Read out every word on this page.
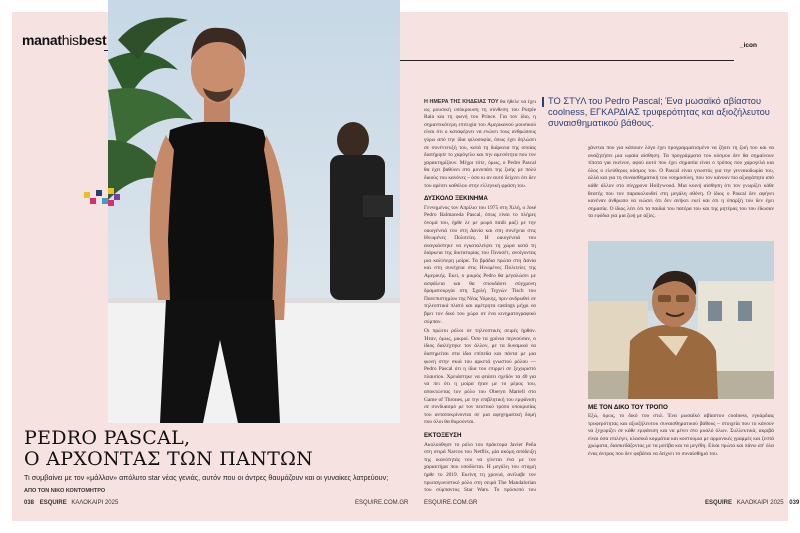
manathisbest
PEDRO PASCAL,
Ο ΑΡΧΟΝΤΑΣ ΤΩΝ ΠΑΝΤΩΝ
Τι συμβαίνει με τον «μάλλον» απόλυτο star νέας γενιάς, αυτόν που οι άντρες θαυμάζουν και οι γυναίκες λατρεύουν;
ΑΠΟ ΤΟΝ ΝΙΚΟ ΚΟΝΤΟΜΗΤΡΟ
038 ESQUIRE ΚΑΛΟΚΑΙΡΙ 2025	ESQUIRE.COM.GR
_icon

Η ΗΜΕΡΑ ΤΗΣ ΚΗΔΕΙΑΣ ΤΟΥ θα ήθελε να έχει ως μουσική υπόκρουση τη σύνθεση του Purple Rain και τη φωνή του Prince. Για τον ίδιο, η σημαντικότερη επιτυχία του Αμερικανού μουσικού είναι ότι ο καταφέρνει να ενώνει τους ανθρώπους γύρω από την ίδια φιλοσοφία, όπως έχει δηλώσει σε συνέντευξή του, κατά τη διάρκεια της οποίας διατήρησε το χαμόγελο και την αμεσότητα που τον χαρακτηρίζουν. Μέχρι τότε, όμως, ο Pedro Pascal θα έχει βαθύνει στο μονοπάτι της ζωής με πολύ δικούς του κανόνες – όσο κι αν αυτό δείχνει ότι δεν του αρέσει καθόλου στην ελληνική φράση του.

ΔΥΣΚΟΛΟ ΞΕΚΙΝΗΜΑ

Γεννημένος τον Απρίλιο του 1975 στη Χιλή, ο José Pedro Balmaceda Pascal, όπως είναι το πλήρες όνομά του, ήρθε λε με μωρό παιδί μαζί με την οικογένειά του στη Δανία και στη συνέχεια στις Ηνωμένες Πολιτείες. Η οικογένειά του αναγκάστηκε να εγκαταλείψει τη χώρα κατά τη διάρκεια της δικτατορίας του Πινοσέτ, ανοίγοντας μια καλύτερη μοίρα. Τα βράδια πρώτα στη Δανία και στη συνέχεια στις Ηνωμένες Πολιτείες της Αμερικής. Εκεί, ο μικρός Pedro θα μεγαλώσει με ασφάλεια και θα σπουδάσει σύγχρονη δραματουργία στη Σχολή Τεχνών Tisch του Πανεπιστημίου της Νέας Υόρκης, πριν ανδρωθεί σε τηλεοπτικά πλατό και αμέτρητα castings μέχρι να βρει τον δικό του χώρο σε ένα κινηματογραφικό σύμπαν.

Οι πρώτοι ρόλοι σε τηλεοπτικές σειρές ήρθαν. Ήταν, όμως, μικροί. Όσο τα χρόνια περνούσαν, ο ίδιος διαλέχτηκε τον άλλον, με τα δυναμικά να διατηρείται στα ίδια επίπεδα και πάντα με μια φωνή στην σκιά του αρκετά γνωστού ρόλου — Pedro Pascal ότι η ίδια του επιρρεί σε ξεχωριστό πλαισίου. Χρειάστηκε να φτάσει σχεδόν τα 40 για να πει ότι η μοίρα ήταν με το μέρος του, αποκτώντας τον ρόλο του Oberyn Martell στο Game of Thrones, με την επιβλητική του εμφάνιση σε συνδυασμό με τον πειστικό τρόπο υποκρισίας του ανταποκρίνονται σε μια αφηγηματική δομή που όλοι θα θυμούνται.

ΕΚΤΟΞΕΥΣΗ

Ακολούθησε το ρόλο του πράκτορα Javier Peña στη σειρά Narcos του Netflix, μία ακόμη απόδειξη της ικανότητάς του να γίνεται ένα με τον χαρακτήρα που υποδύεται. Η μεγάλη του στιγμή ήρθε το 2019. Εκείνη τη χρονιά, ανέλαβε τον πρωταγωνιστικό ρόλο στη σειρά The Mandalorian του σύμπαντος Star Wars. Το πρόσωπό του

ΤΟ ΣΤΥΛ του Pedro Pascal; Ένα μωσαϊκό αβίαστου coolness, ΕΓΚΑΡΔΙΑΣ τρυφερότητας και αξιοζήλευτου συναισθηματικού βάθους.

χάνεται που για κάποιον λόγο έχει προγραμματισμένο να ζήσει τη ζωή του και να αναζητήσει μια ωραία αίσθηση. Τα προγράμματα του κόσμου δεν θα σημαίνουν τίποτα για εκείνον, αφού αυτό που έχει σημασία είναι ο τρόπος που χαμογελά και όλος ο ελεύθερος κόσμος του. Ο Pascal είναι γνωστός για την γενναιοδωρία του, αλλά και για τη συναισθηματική του νοημοσύνη, που τον κάνουν πιο αξιαγάπητο από κάθε άλλον στο σύγχρονο Hollywood. Μια κοινή αίσθηση ότι τον γνωρίζει κάθε θεατής που τον παρακολουθεί στη μεγάλη οθόνη. Ο ίδιος ο Pascal δεν αφήνει κανέναν άνθρωπο να νιώσει ότι δεν ανήκει εκεί και ότι η ύπαρξή του δεν έχει σημασία. Ο ίδιος λέει ότι τα παιδιά του πατέρα του και της μητέρας του του έδωσαν τα εφόδια για μια ζωή με αξίες.

ΜΕ ΤΟΝ ΔΙΚΟ ΤΟΥ ΤΡΟΠΟ
Εξώ, όμως, το δικό του στιλ. Ένα μωσαϊκό αβίαστου coolness, εγκάρδιας τρυφερότητας και αξιοζήλευτου συναισθηματικού βάθους – στοιχεία που το κάνουν να ξεχωρίζει σε κάθε εμφάνιση και να μένει στο μυαλό όλων. Συλλεκτικά, ακριβά είναι όσα επιλέγει, κλασικά κομμάτια και κοστούμια με αρμονικές γραμμές και ζεστά χρώματα, διασκεδάζοντας με τα μοτίβα και τα μεγέθη. Είναι πρώτα και πάνω απ' όλα ένας άντρας που δεν φοβάται να δείχνει το συναίσθημά του.
ESQUIRE.COM.GR	ESQUIRE ΚΑΛΟΚΑΙΡΙ 2025 039
